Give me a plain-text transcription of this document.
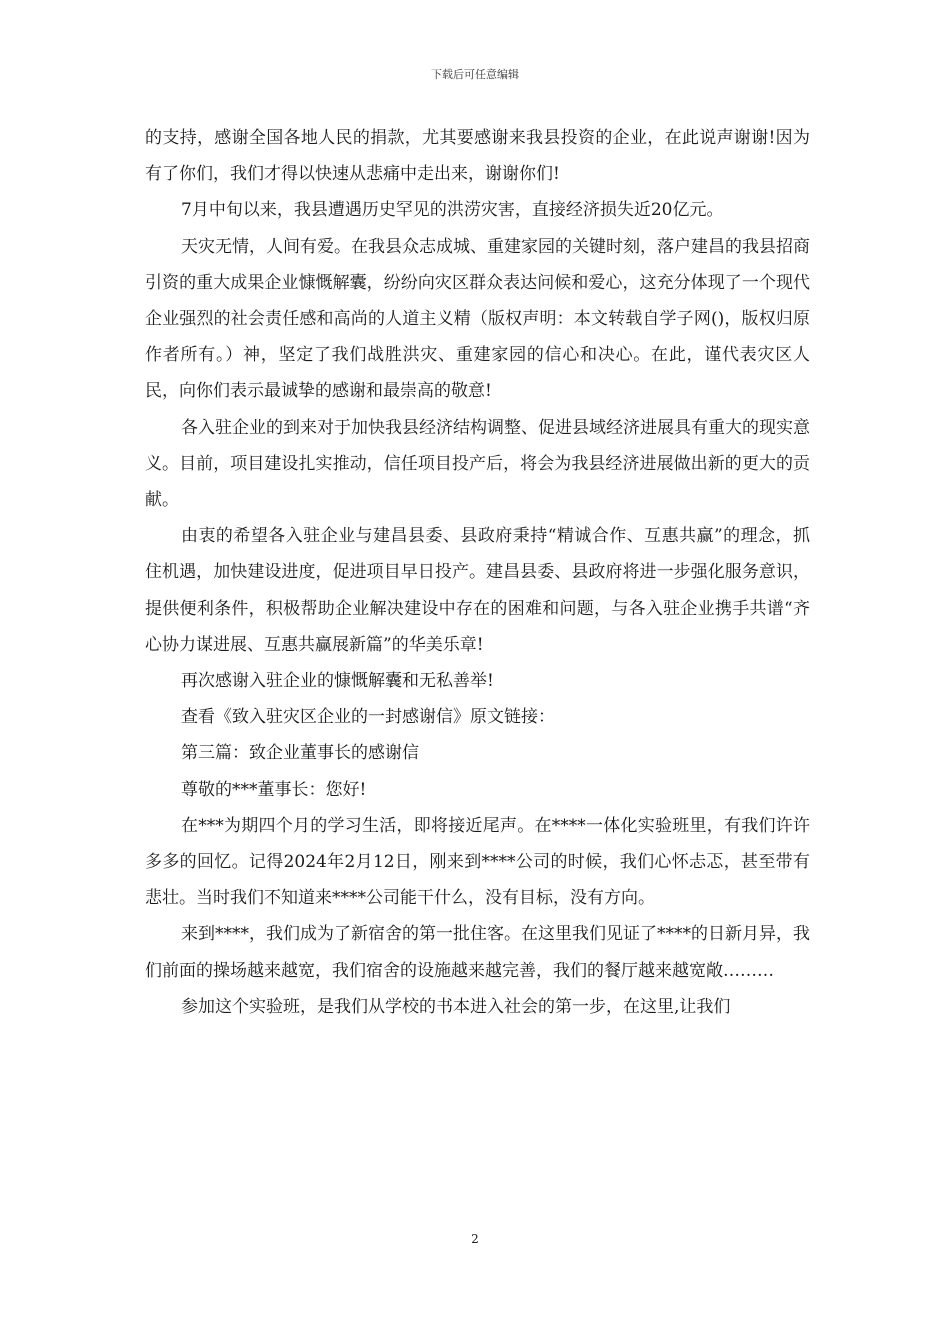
下载后可任意编辑

的支持，感谢全国各地人民的捐款，尤其要感谢来我县投资的企业，在此说声谢谢!因为有了你们，我们才得以快速从悲痛中走出来，谢谢你们!

7月中旬以来，我县遭遇历史罕见的洪涝灾害，直接经济损失近20亿元。

天灾无情，人间有爱。在我县众志成城、重建家园的关键时刻，落户建昌的我县招商引资的重大成果企业慷慨解囊，纷纷向灾区群众表达问候和爱心，这充分体现了一个现代企业强烈的社会责任感和高尚的人道主义精（版权声明：本文转载自学子网()，版权归原作者所有。）神，坚定了我们战胜洪灾、重建家园的信心和决心。在此，谨代表灾区人民，向你们表示最诚挚的感谢和最崇高的敬意!

各入驻企业的到来对于加快我县经济结构调整、促进县域经济进展具有重大的现实意义。目前，项目建设扎实推动，信任项目投产后，将会为我县经济进展做出新的更大的贡献。

由衷的希望各入驻企业与建昌县委、县政府秉持“精诚合作、互惠共赢”的理念，抓住机遇，加快建设进度，促进项目早日投产。建昌县委、县政府将进一步强化服务意识，提供便利条件，积极帮助企业解决建设中存在的困难和问题，与各入驻企业携手共谱“齐心协力谋进展、互惠共赢展新篇”的华美乐章!

再次感谢入驻企业的慷慨解囊和无私善举!

查看《致入驻灾区企业的一封感谢信》原文链接：

第三篇：致企业董事长的感谢信

尊敬的***董事长：您好!

在***为期四个月的学习生活，即将接近尾声。在****一体化实验班里，有我们许许多多的回忆。记得2024年2月12日，刚来到****公司的时候，我们心怀忐忑，甚至带有悲壮。当时我们不知道来****公司能干什么，没有目标，没有方向。

来到****，我们成为了新宿舍的第一批住客。在这里我们见证了****的日新月异，我们前面的操场越来越宽，我们宿舍的设施越来越完善，我们的餐厅越来越宽敞………

参加这个实验班，是我们从学校的书本进入社会的第一步，在这里,让我们

2
